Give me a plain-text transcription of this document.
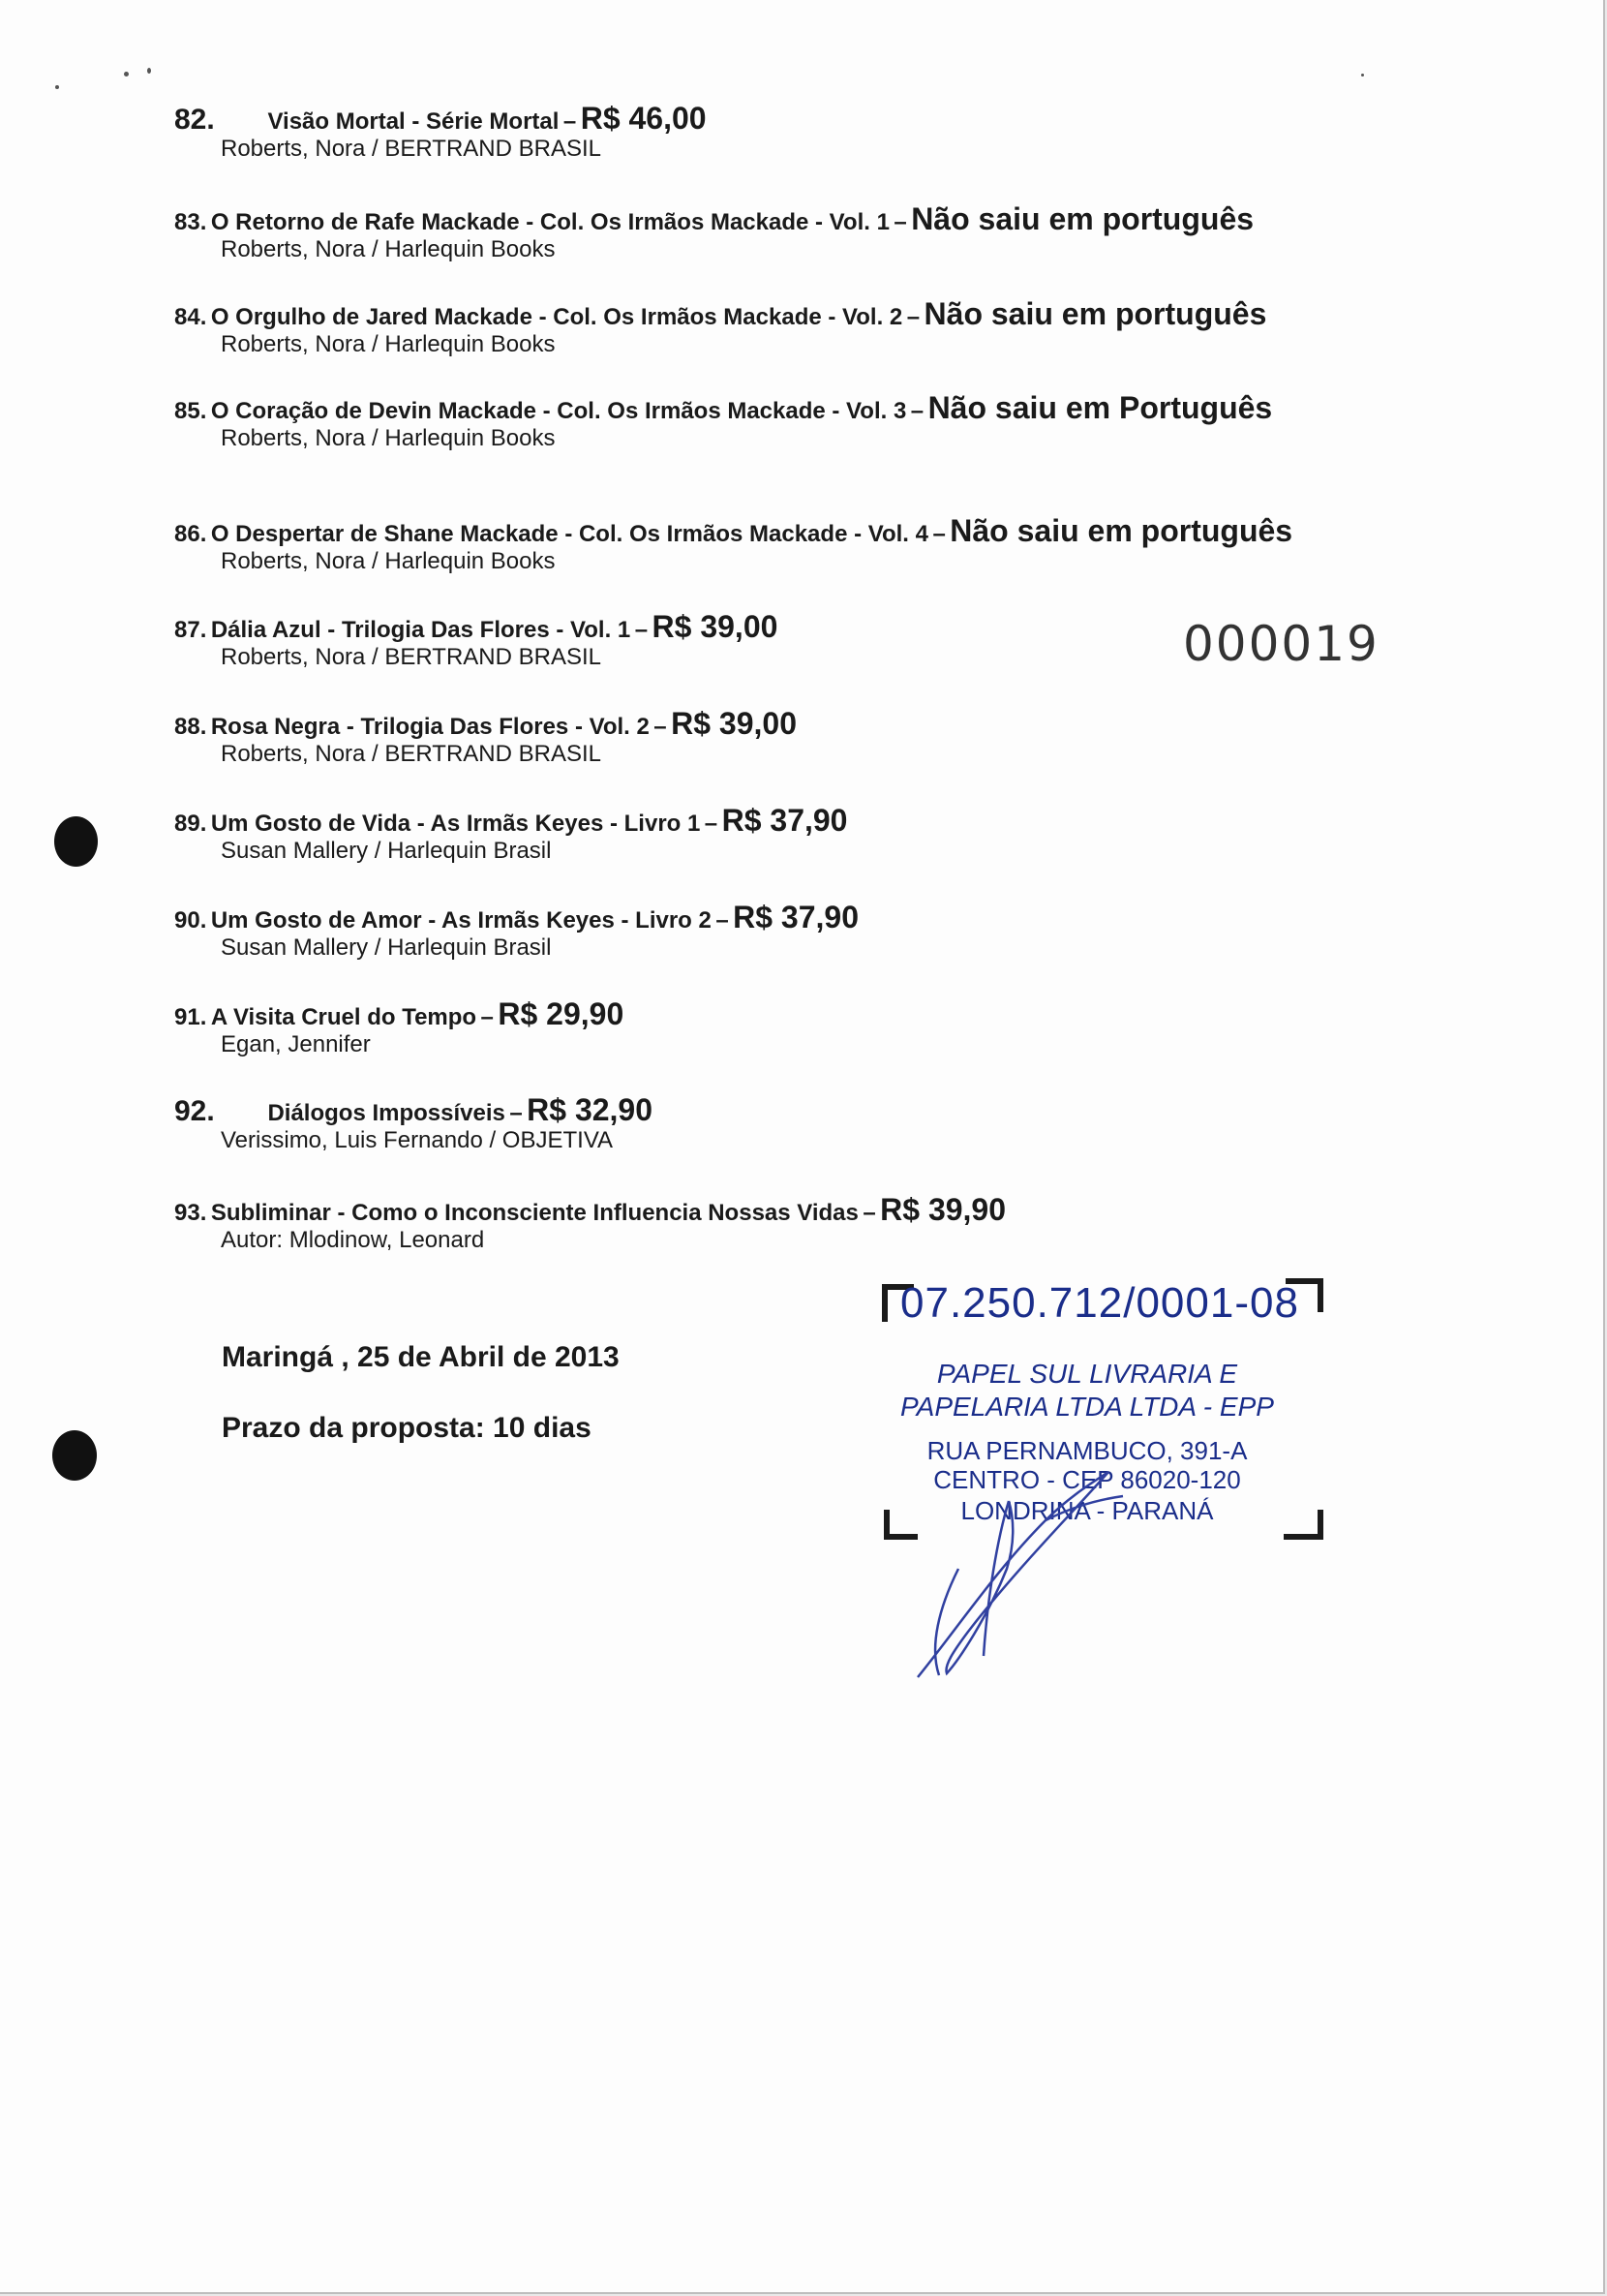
82. Visão Mortal - Série Mortal – R$ 46,00
Roberts, Nora / BERTRAND BRASIL
83. O Retorno de Rafe Mackade - Col. Os Irmãos Mackade - Vol. 1 – Não saiu em português
Roberts, Nora / Harlequin Books
84. O Orgulho de Jared Mackade - Col. Os Irmãos Mackade - Vol. 2 – Não saiu em português
Roberts, Nora / Harlequin Books
85. O Coração de Devin Mackade - Col. Os Irmãos Mackade - Vol. 3 – Não saiu em Português
Roberts, Nora / Harlequin Books
86. O Despertar de Shane Mackade - Col. Os Irmãos Mackade - Vol. 4 – Não saiu em português
Roberts, Nora / Harlequin Books
87. Dália Azul - Trilogia Das Flores - Vol. 1 – R$ 39,00
Roberts, Nora / BERTRAND BRASIL
88. Rosa Negra - Trilogia Das Flores - Vol. 2 – R$ 39,00
Roberts, Nora / BERTRAND BRASIL
89. Um Gosto de Vida - As Irmãs Keyes - Livro 1 – R$ 37,90
Susan Mallery / Harlequin Brasil
90. Um Gosto de Amor - As Irmãs Keyes - Livro 2 – R$ 37,90
Susan Mallery / Harlequin Brasil
91. A Visita Cruel do Tempo – R$ 29,90
Egan, Jennifer
92. Diálogos Impossíveis – R$ 32,90
Verissimo, Luis Fernando / OBJETIVA
93. Subliminar - Como o Inconsciente Influencia Nossas Vidas – R$ 39,90
Autor: Mlodinow, Leonard
Maringá , 25 de Abril de 2013
Prazo da proposta: 10 dias
000019
07.250.712/0001-08
PAPEL SUL LIVRARIA E
PAPELARIA LTDA LTDA - EPP
RUA PERNAMBUCO, 391-A
CENTRO - CEP 86020-120
LONDRINA - PARANÁ
